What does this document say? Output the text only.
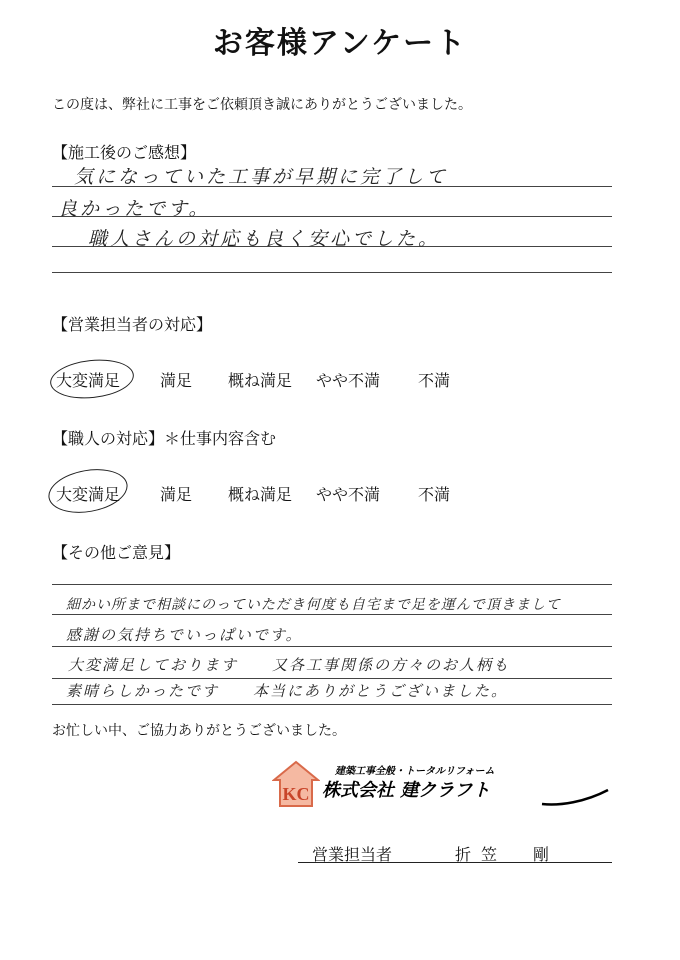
お客様アンケート
この度は、弊社に工事をご依頼頂き誠にありがとうございました。
【施工後のご感想】
気になっていた工事が早期に完了して
良かったです。
職人さんの対応も良く安心でした。
【営業担当者の対応】
大変満足 満足 概ね満足 やや不満 不満
【職人の対応】＊仕事内容含む
大変満足 満足 概ね満足 やや不満 不満
【その他ご意見】
細かい所まで相談にのっていただき何度も自宅まで足を運んで頂きまして
感謝の気持ちでいっぱいです。
大変満足しております　　又各工事関係の方々のお人柄も
素晴らしかったです　　本当にありがとうございました。
お忙しい中、ご協力ありがとうございました。
KC
建築工事全般・トータルリフォーム
株式会社 建クラフト
営業担当者	折笠　剛
